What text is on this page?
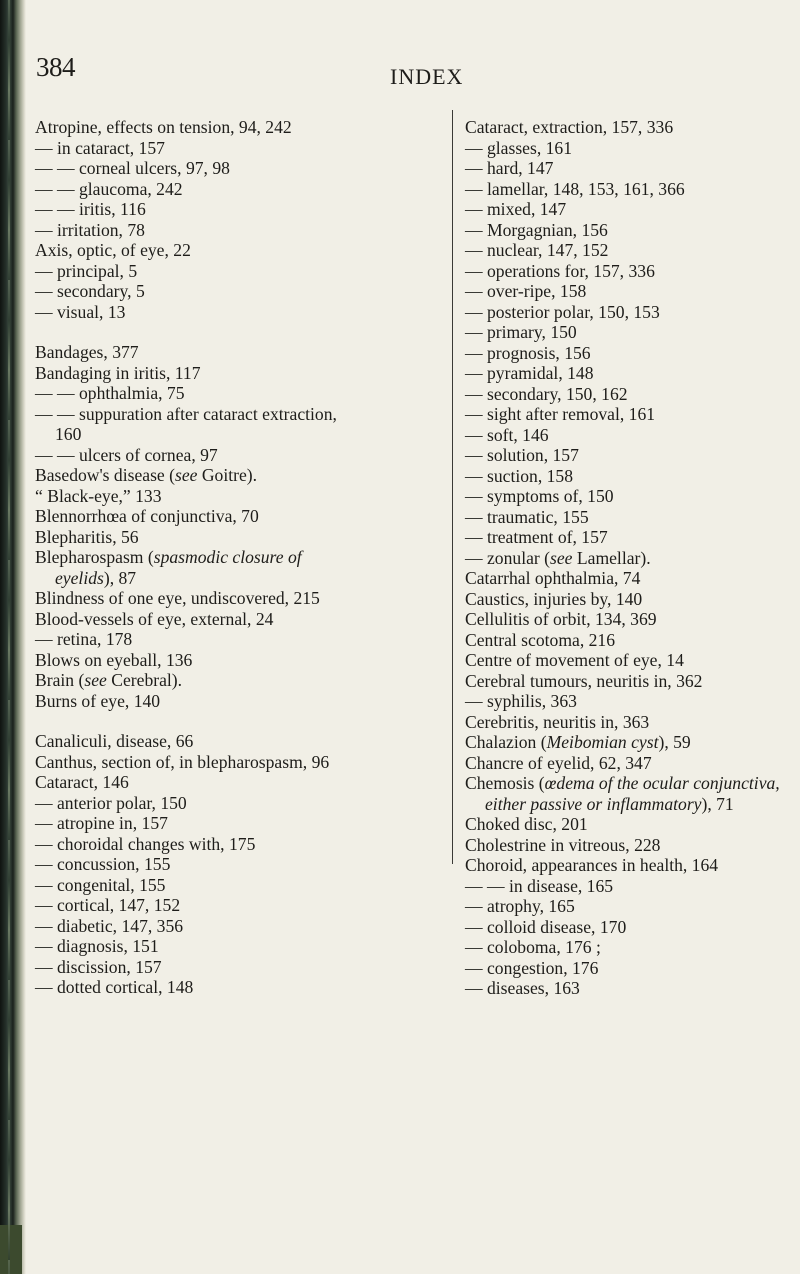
384	INDEX
Atropine, effects on tension, 94, 242
— in cataract, 157
— — corneal ulcers, 97, 98
— — glaucoma, 242
— — iritis, 116
— irritation, 78
Axis, optic, of eye, 22
— principal, 5
— secondary, 5
— visual, 13
Bandages, 377
Bandaging in iritis, 117
— — ophthalmia, 75
— — suppuration after cataract extraction, 160
— — ulcers of cornea, 97
Basedow's disease (see Goitre).
“ Black-eye,” 133
Blennorrhœa of conjunctiva, 70
Blepharitis, 56
Blepharospasm (spasmodic closure of eyelids), 87
Blindness of one eye, undiscovered, 215
Blood-vessels of eye, external, 24
— retina, 178
Blows on eyeball, 136
Brain (see Cerebral).
Burns of eye, 140
Canaliculi, disease, 66
Canthus, section of, in blepharospasm, 96
Cataract, 146
— anterior polar, 150
— atropine in, 157
— choroidal changes with, 175
— concussion, 155
— congenital, 155
— cortical, 147, 152
— diabetic, 147, 356
— diagnosis, 151
— discission, 157
— dotted cortical, 148
Cataract, extraction, 157, 336
— glasses, 161
— hard, 147
— lamellar, 148, 153, 161, 366
— mixed, 147
— Morgagnian, 156
— nuclear, 147, 152
— operations for, 157, 336
— over-ripe, 158
— posterior polar, 150, 153
— primary, 150
— prognosis, 156
— pyramidal, 148
— secondary, 150, 162
— sight after removal, 161
— soft, 146
— solution, 157
— suction, 158
— symptoms of, 150
— traumatic, 155
— treatment of, 157
— zonular (see Lamellar).
Catarrhal ophthalmia, 74
Caustics, injuries by, 140
Cellulitis of orbit, 134, 369
Central scotoma, 216
Centre of movement of eye, 14
Cerebral tumours, neuritis in, 362
— syphilis, 363
Cerebritis, neuritis in, 363
Chalazion (Meibomian cyst), 59
Chancre of eyelid, 62, 347
Chemosis (œdema of the ocular conjunctiva, either passive or inflammatory), 71
Choked disc, 201
Cholestrine in vitreous, 228
Choroid, appearances in health, 164
— — in disease, 165
— atrophy, 165
— colloid disease, 170
— coloboma, 176 ;
— congestion, 176
— diseases, 163
